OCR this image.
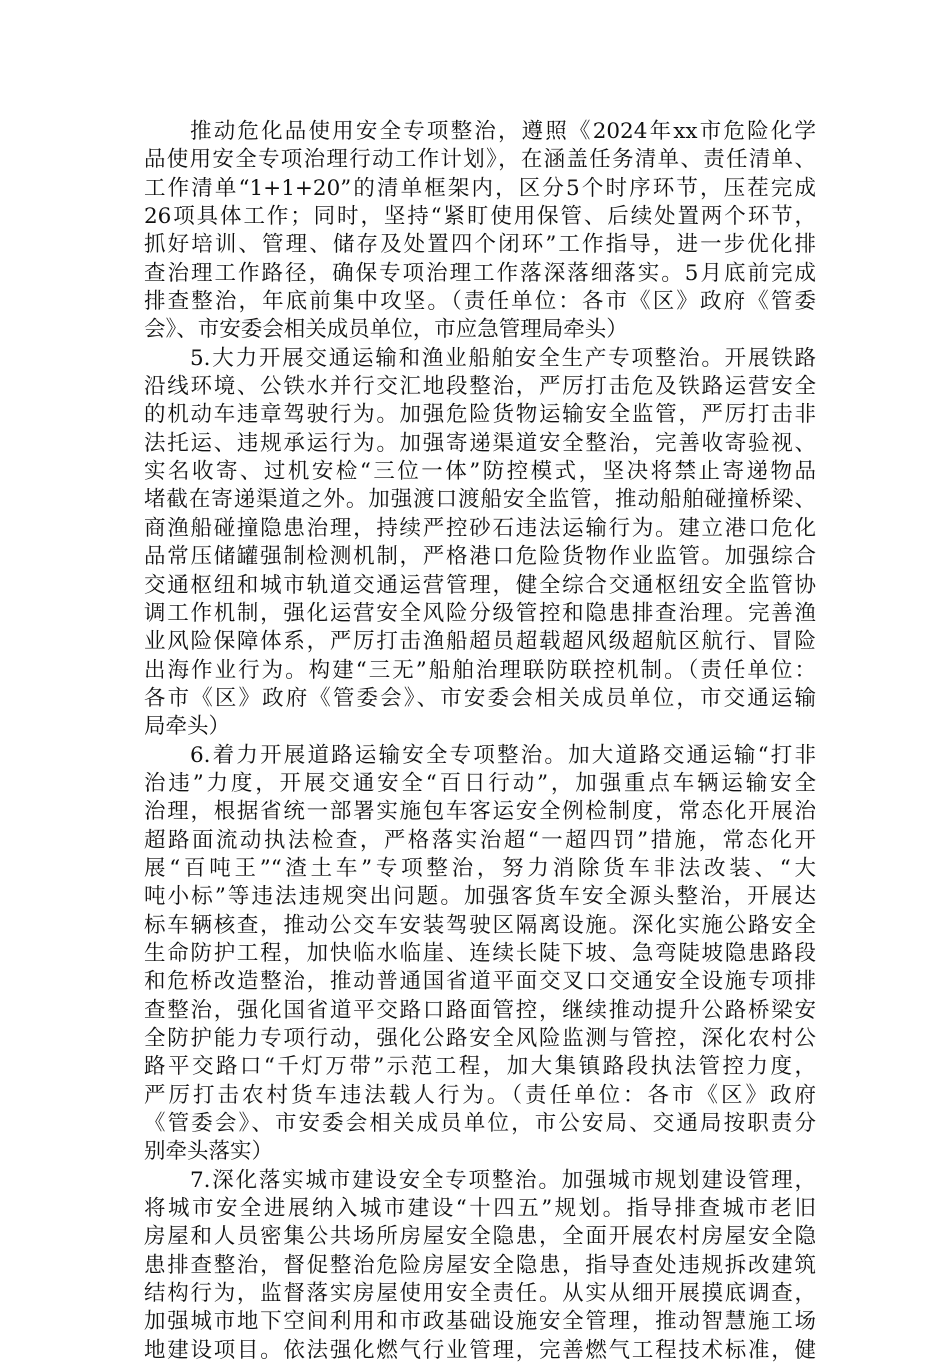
推动危化品使用安全专项整治，遵照《2024年xx市危险化学
品使用安全专项治理行动工作计划》，在涵盖任务清单、责任清单、
工作清单“1+1+20”的清单框架内，区分5个时序环节，压茬完成
26项具体工作；同时，坚持“紧盯使用保管、后续处置两个环节，
抓好培训、管理、储存及处置四个闭环”工作指导，进一步优化排
查治理工作路径，确保专项治理工作落深落细落实。5月底前完成
排查整治，年底前集中攻坚。（责任单位：各市《区》政府《管委
会》、市安委会相关成员单位，市应急管理局牵头）
5.大力开展交通运输和渔业船舶安全生产专项整治。开展铁路
沿线环境、公铁水并行交汇地段整治，严厉打击危及铁路运营安全
的机动车违章驾驶行为。加强危险货物运输安全监管，严厉打击非
法托运、违规承运行为。加强寄递渠道安全整治，完善收寄验视、
实名收寄、过机安检“三位一体”防控模式，坚决将禁止寄递物品
堵截在寄递渠道之外。加强渡口渡船安全监管，推动船舶碰撞桥梁、
商渔船碰撞隐患治理，持续严控砂石违法运输行为。建立港口危化
品常压储罐强制检测机制，严格港口危险货物作业监管。加强综合
交通枢纽和城市轨道交通运营管理，健全综合交通枢纽安全监管协
调工作机制，强化运营安全风险分级管控和隐患排查治理。完善渔
业风险保障体系，严厉打击渔船超员超载超风级超航区航行、冒险
出海作业行为。构建“三无”船舶治理联防联控机制。（责任单位：
各市《区》政府《管委会》、市安委会相关成员单位，市交通运输
局牵头）
6.着力开展道路运输安全专项整治。加大道路交通运输“打非
治违”力度，开展交通安全“百日行动”，加强重点车辆运输安全
治理，根据省统一部署实施包车客运安全例检制度，常态化开展治
超路面流动执法检查，严格落实治超“一超四罚”措施，常态化开
展“百吨王”“渣土车”专项整治，努力消除货车非法改装、“大
吨小标”等违法违规突出问题。加强客货车安全源头整治，开展达
标车辆核查，推动公交车安装驾驶区隔离设施。深化实施公路安全
生命防护工程，加快临水临崖、连续长陡下坡、急弯陡坡隐患路段
和危桥改造整治，推动普通国省道平面交叉口交通安全设施专项排
查整治，强化国省道平交路口路面管控，继续推动提升公路桥梁安
全防护能力专项行动，强化公路安全风险监测与管控，深化农村公
路平交路口“千灯万带”示范工程，加大集镇路段执法管控力度，
严厉打击农村货车违法载人行为。（责任单位：各市《区》政府
《管委会》、市安委会相关成员单位，市公安局、交通局按职责分
别牵头落实）
7.深化落实城市建设安全专项整治。加强城市规划建设管理，
将城市安全进展纳入城市建设“十四五”规划。指导排查城市老旧
房屋和人员密集公共场所房屋安全隐患，全面开展农村房屋安全隐
患排查整治，督促整治危险房屋安全隐患，指导查处违规拆改建筑
结构行为，监督落实房屋使用安全责任。从实从细开展摸底调查，
加强城市地下空间利用和市政基础设施安全管理，推动智慧施工场
地建设项目。依法强化燃气行业管理，完善燃气工程技术标准，健
